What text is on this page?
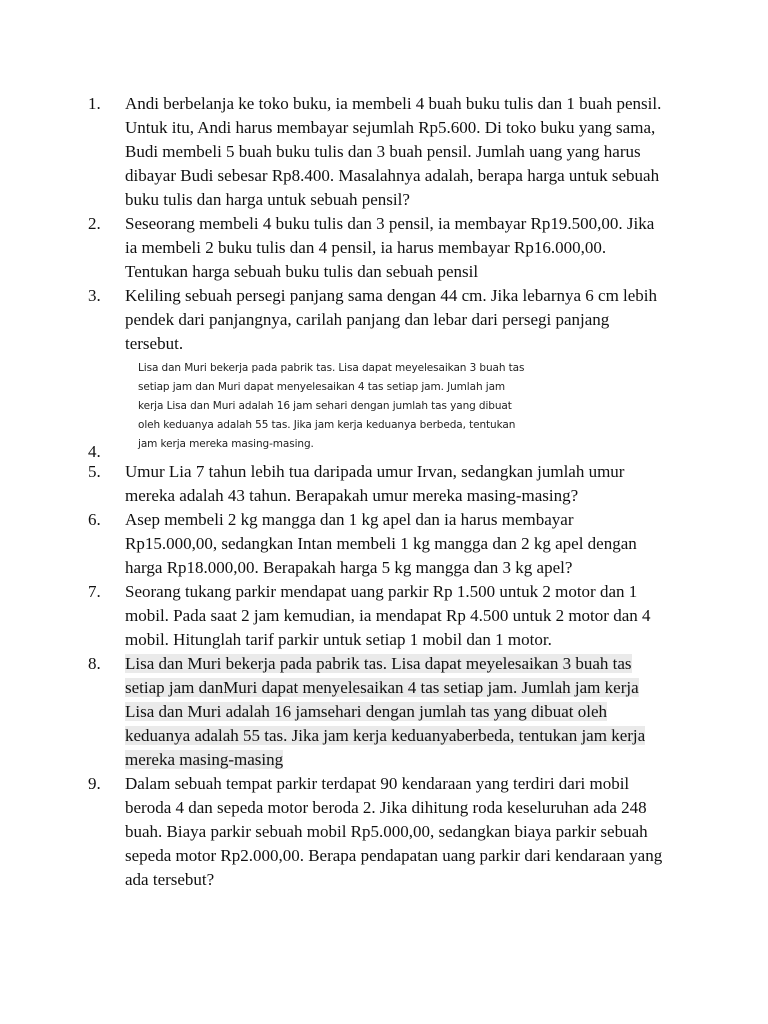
1. Andi berbelanja ke toko buku, ia membeli 4 buah buku tulis dan 1 buah pensil. Untuk itu, Andi harus membayar sejumlah Rp5.600. Di toko buku yang sama, Budi membeli 5 buah buku tulis dan 3 buah pensil. Jumlah uang yang harus dibayar Budi sebesar Rp8.400. Masalahnya adalah, berapa harga untuk sebuah buku tulis dan harga untuk sebuah pensil?
2. Seseorang membeli 4 buku tulis dan 3 pensil, ia membayar Rp19.500,00. Jika ia membeli 2 buku tulis dan 4 pensil, ia harus membayar Rp16.000,00. Tentukan harga sebuah buku tulis dan sebuah pensil
3. Keliling sebuah persegi panjang sama dengan 44 cm. Jika lebarnya 6 cm lebih pendek dari panjangnya, carilah panjang dan lebar dari persegi panjang tersebut.
Lisa dan Muri bekerja pada pabrik tas. Lisa dapat meyelesaikan 3 buah tas
setiap jam dan Muri dapat menyelesaikan 4 tas setiap jam. Jumlah jam
kerja Lisa dan Muri adalah 16 jam sehari dengan jumlah tas yang dibuat
oleh keduanya adalah 55 tas. Jika jam kerja keduanya berbeda, tentukan
jam kerja mereka masing-masing.
4.
5. Umur Lia 7 tahun lebih tua daripada umur Irvan, sedangkan jumlah umur mereka adalah 43 tahun. Berapakah umur mereka masing-masing?
6. Asep membeli 2 kg mangga dan 1 kg apel dan ia harus membayar Rp15.000,00, sedangkan Intan membeli 1 kg mangga dan 2 kg apel dengan harga Rp18.000,00. Berapakah harga 5 kg mangga dan 3 kg apel?
7. Seorang tukang parkir mendapat uang parkir Rp 1.500 untuk 2 motor dan 1 mobil. Pada saat 2 jam kemudian, ia mendapat Rp 4.500 untuk 2 motor dan 4 mobil. Hitunglah tarif parkir untuk setiap 1 mobil dan 1 motor.
8. Lisa dan Muri bekerja pada pabrik tas. Lisa dapat meyelesaikan 3 buah tas setiap jam danMuri dapat menyelesaikan 4 tas setiap jam. Jumlah jam kerja Lisa dan Muri adalah 16 jamsehari dengan jumlah tas yang dibuat oleh keduanya adalah 55 tas. Jika jam kerja keduanyaberbeda, tentukan jam kerja mereka masing-masing
9. Dalam sebuah tempat parkir terdapat 90 kendaraan yang terdiri dari mobil beroda 4 dan sepeda motor beroda 2. Jika dihitung roda keseluruhan ada 248 buah. Biaya parkir sebuah mobil Rp5.000,00, sedangkan biaya parkir sebuah sepeda motor Rp2.000,00. Berapa pendapatan uang parkir dari kendaraan yang ada tersebut?
